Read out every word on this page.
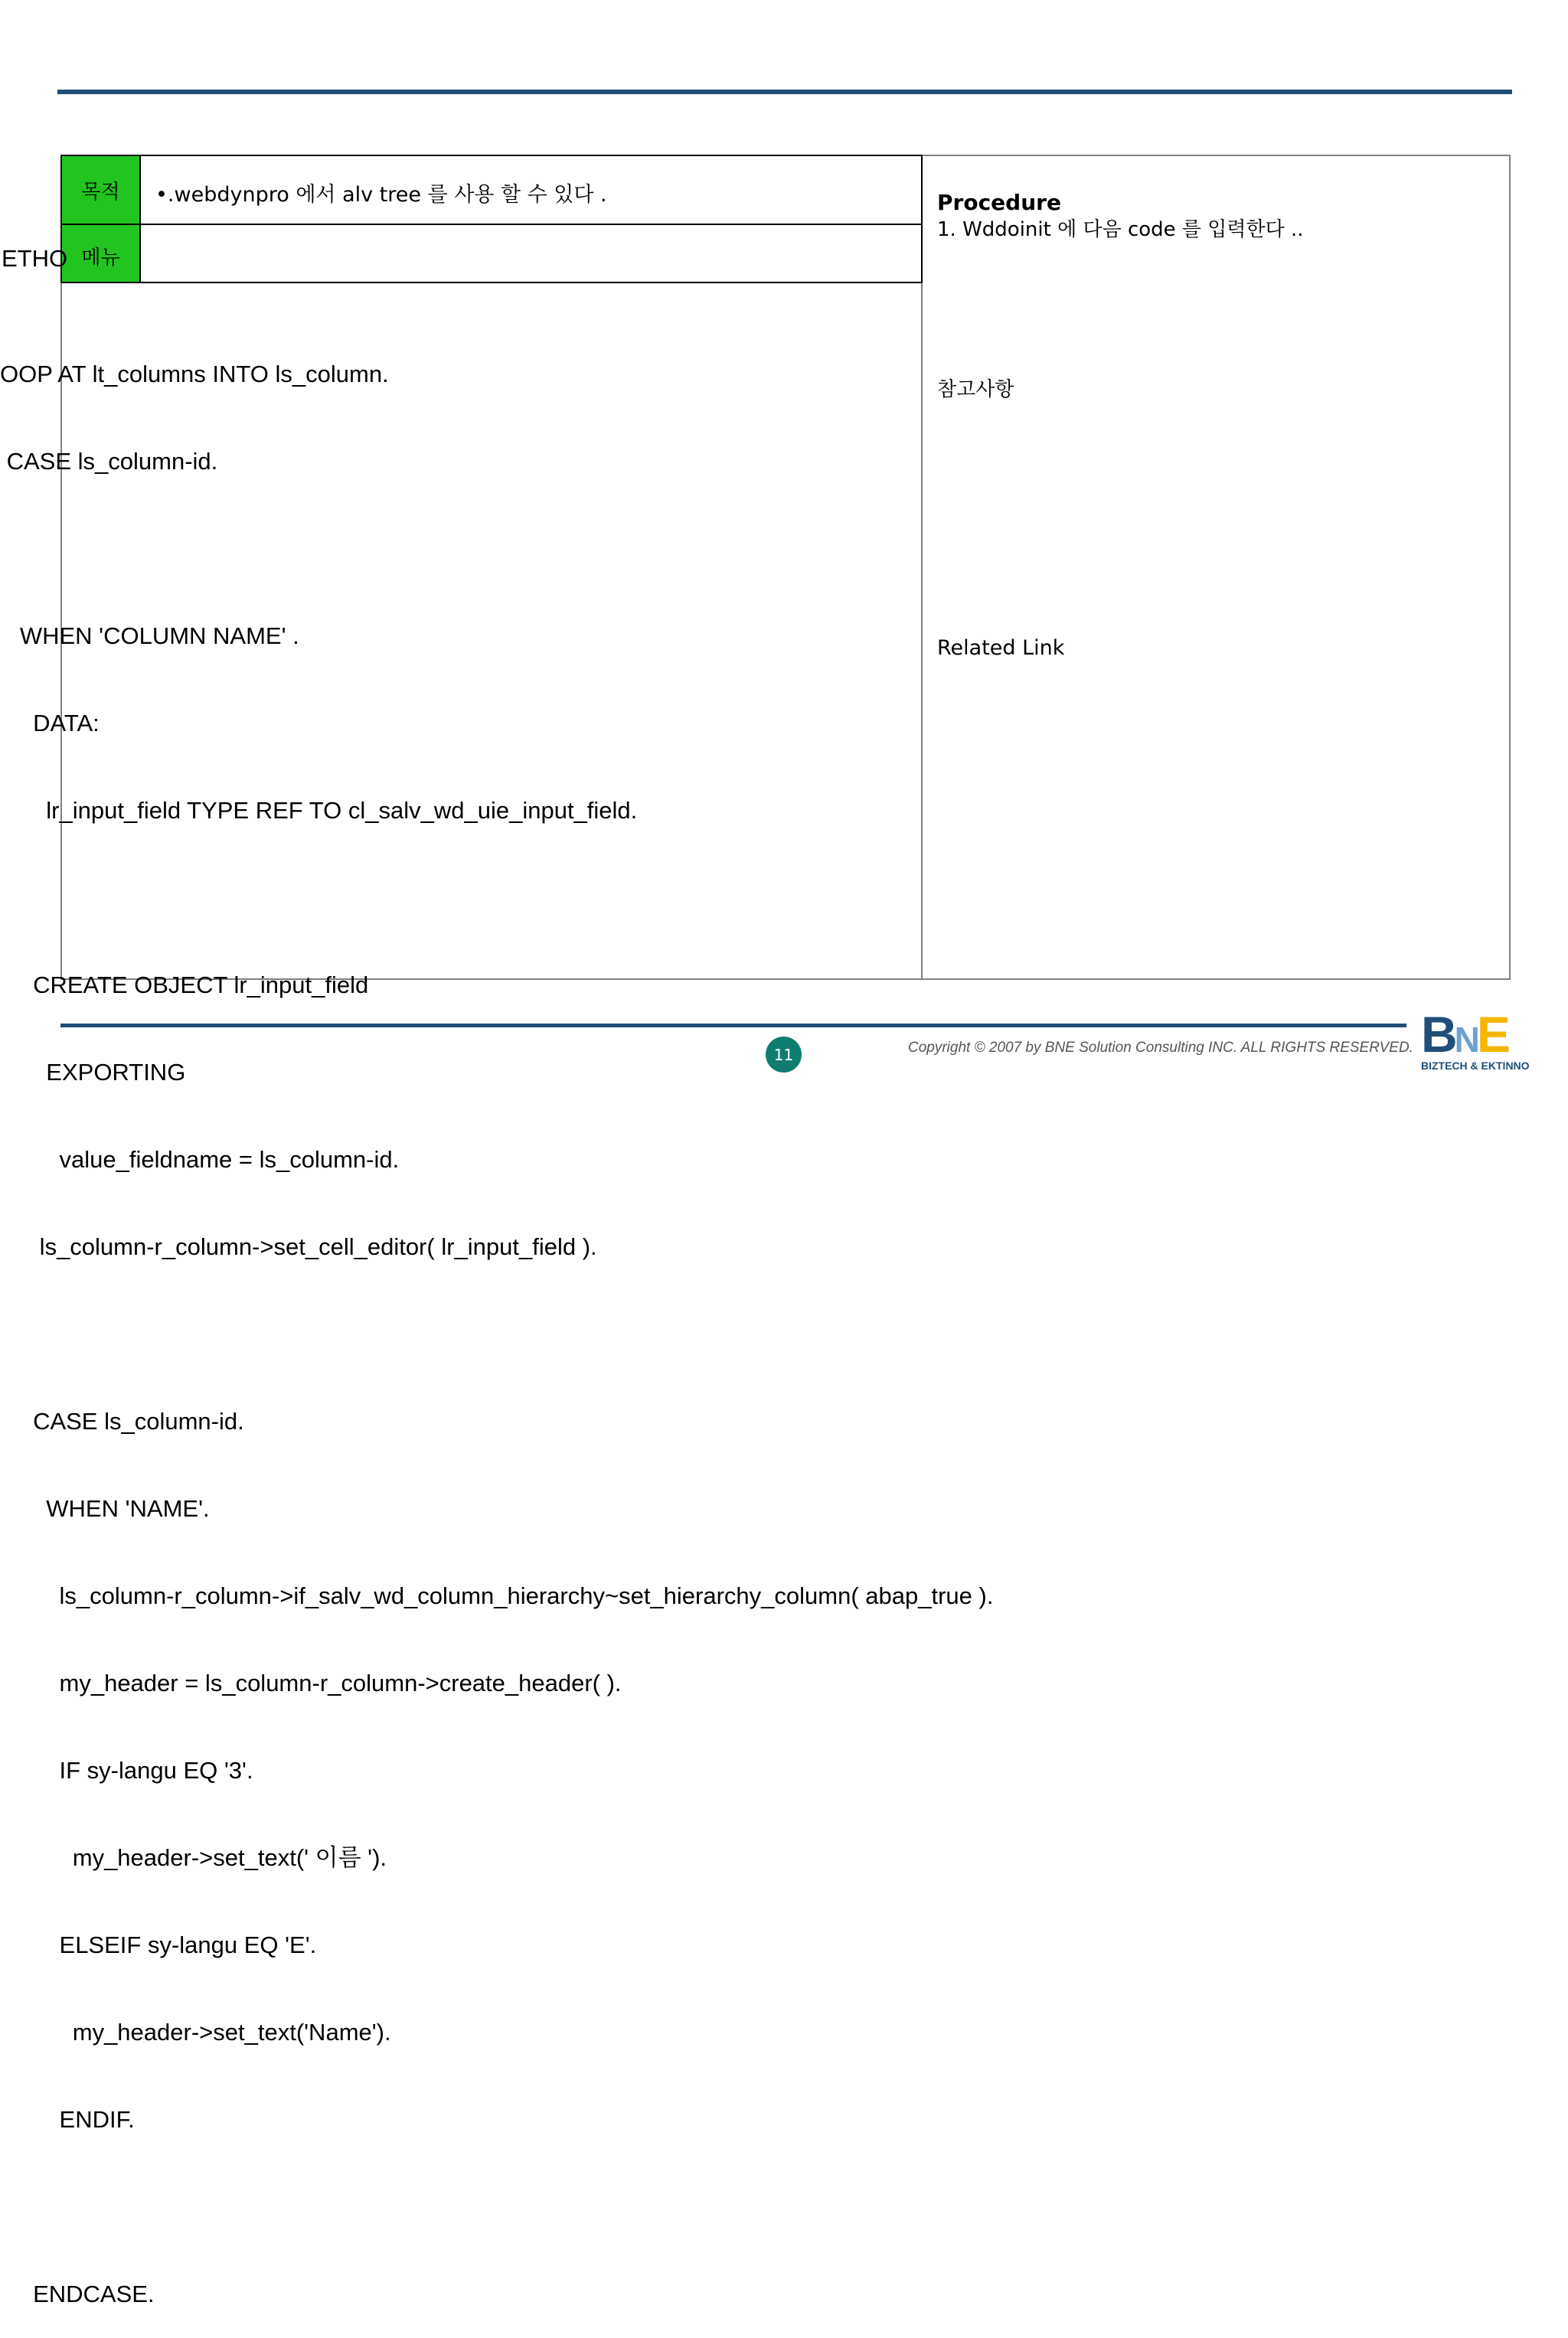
목적	•.webdynpro 에서 alv tree 를 사용 할 수 있다 .
메뉴
Procedure
1. Wddoinit 에 다음 code 를 입력한다 ..
참고사항
Related Link
ETHO

OOP AT lt_columns INTO ls_column.

CASE ls_column-id.

WHEN 'COLUMN NAME' .

DATA:

lr_input_field TYPE REF TO cl_salv_wd_uie_input_field.

CREATE OBJECT lr_input_field

EXPORTING

value_fieldname = ls_column-id.

ls_column-r_column->set_cell_editor( lr_input_field ).

CASE ls_column-id.

WHEN 'NAME'.

ls_column-r_column->if_salv_wd_column_hierarchy~set_hierarchy_column( abap_true ).

my_header = ls_column-r_column->create_header( ).

IF sy-langu EQ '3'.

my_header->set_text(' 이름 ').

ELSEIF sy-langu EQ 'E'.

my_header->set_text('Name').

ENDIF.

ENDCASE.

11	Copyright © 2007 by BNE Solution Consulting INC. ALL RIGHTS RESERVED. BNE
BIZTECH & EKTINNO
